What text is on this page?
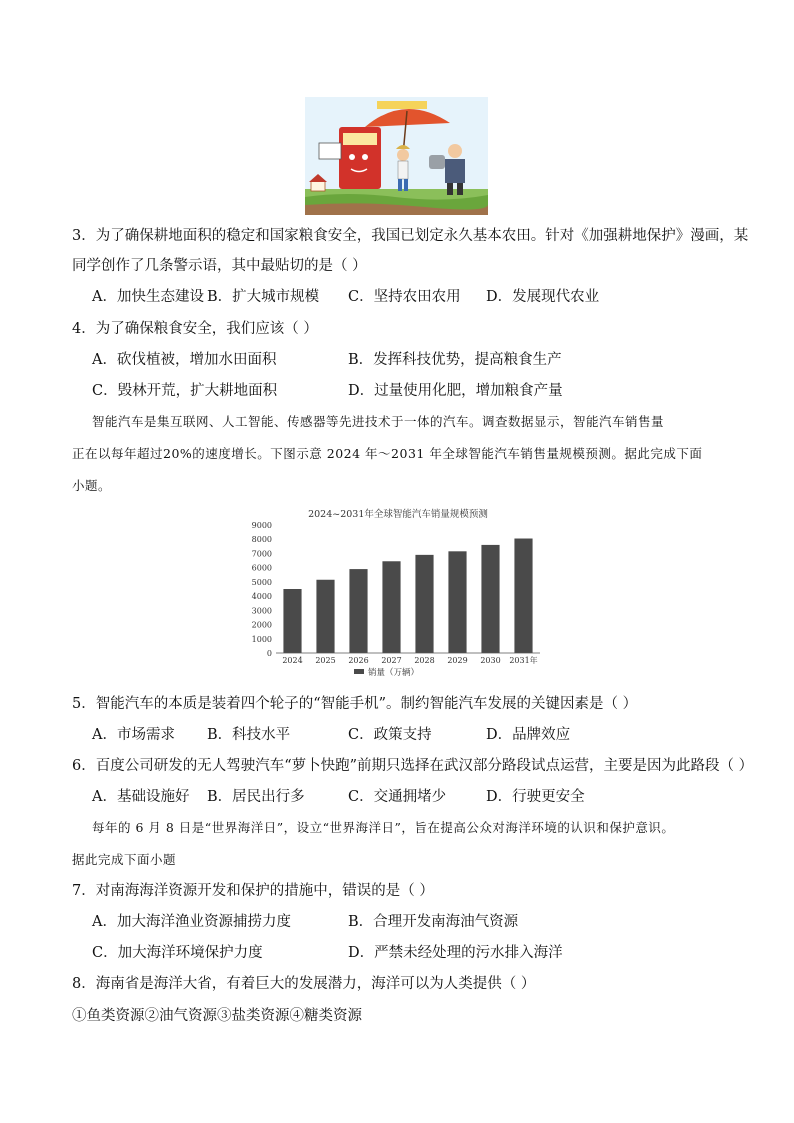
3．为了确保耕地面积的稳定和国家粮食安全，我国已划定永久基本农田。针对《加强耕地保护》漫画，某
同学创作了几条警示语，其中最贴切的是（ ）
A．加快生态建设 B．扩大城市规模 C．坚持农田农用 D．发展现代农业
4．为了确保粮食安全，我们应该（ ）
A．砍伐植被，增加水田面积	B．发挥科技优势，提高粮食生产
C．毁林开荒，扩大耕地面积	D．过量使用化肥，增加粮食产量
智能汽车是集互联网、人工智能、传感器等先进技术于一体的汽车。调查数据显示，智能汽车销售量
正在以每年超过20%的速度增长。下图示意 2024 年～2031 年全球智能汽车销售量规模预测。据此完成下面
小题。
2024~2031年全球智能汽车销量规模预测
0
1000
2000
3000
4000
5000
6000
7000
8000
9000
2024 2025 2026 2027 2028 2029 2030 2031年
销量（万辆）
5．智能汽车的本质是装着四个轮子的“智能手机”。制约智能汽车发展的关键因素是（ ）
A．市场需求 B．科技水平	C．政策支持	D．品牌效应
6．百度公司研发的无人驾驶汽车“萝卜快跑”前期只选择在武汉部分路段试点运营，主要是因为此路段（ ）
A．基础设施好 B．居民出行多	C．交通拥堵少	D．行驶更安全
每年的 6 月 8 日是“世界海洋日”，设立“世界海洋日”，旨在提高公众对海洋环境的认识和保护意识。
据此完成下面小题
7．对南海海洋资源开发和保护的措施中，错误的是（ ）
A．加大海洋渔业资源捕捞力度	B．合理开发南海油气资源
C．加大海洋环境保护力度	D．严禁未经处理的污水排入海洋
8．海南省是海洋大省，有着巨大的发展潜力，海洋可以为人类提供（ ）
①鱼类资源②油气资源③盐类资源④糖类资源
